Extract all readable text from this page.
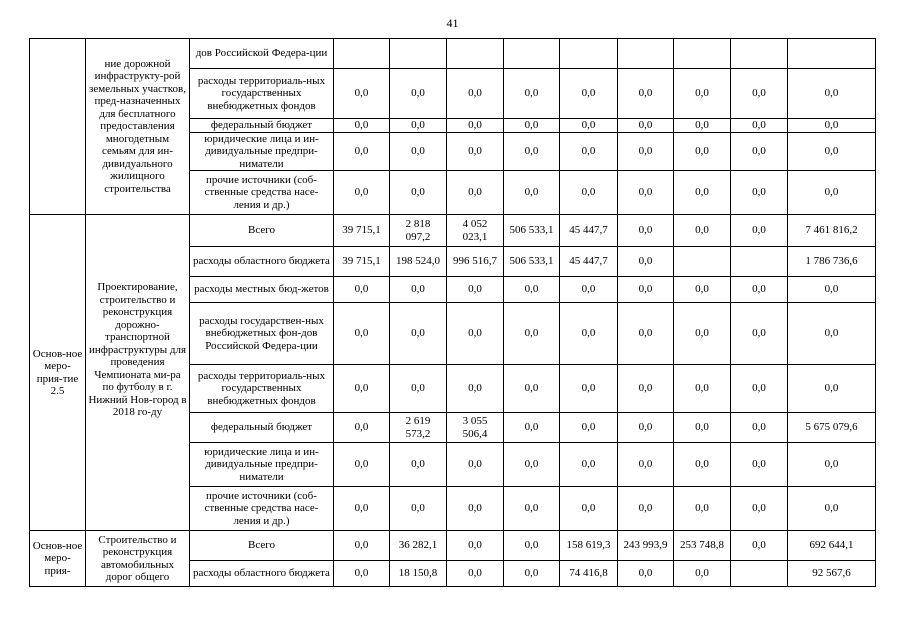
41
	ние дорожной инфраструкту-рой земельных участков, пред-назначенных для бесплатного предоставления многодетным семьям для ин-дивидуального жилищного строительства	дов Российской Федера-ции									
		расходы территориаль-ных государственных внебюджетных фондов	0,0	0,0	0,0	0,0	0,0	0,0	0,0	0,0	0,0
		федеральный бюджет	0,0	0,0	0,0	0,0	0,0	0,0	0,0	0,0	0,0
		юридические лица и ин-дивидуальные предпри-ниматели	0,0	0,0	0,0	0,0	0,0	0,0	0,0	0,0	0,0
		прочие источники (соб-ственные средства насе-ления и др.)	0,0	0,0	0,0	0,0	0,0	0,0	0,0	0,0	0,0
Основ-ное меро-прия-тие 2.5	Проектирование, строительство и реконструкция дорожно-транспортной инфраструктуры для проведения Чемпионата ми-ра по футболу в г. Нижний Нов-город в 2018 го-ду	Всего	39 715,1	2 818 097,2	4 052 023,1	506 533,1	45 447,7	0,0	0,0	0,0	7 461 816,2
		расходы областного бюджета	39 715,1	198 524,0	996 516,7	506 533,1	45 447,7	0,0			1 786 736,6
		расходы местных бюд-жетов	0,0	0,0	0,0	0,0	0,0	0,0	0,0	0,0	0,0
		расходы государствен-ных внебюджетных фон-дов Российской Федера-ции	0,0	0,0	0,0	0,0	0,0	0,0	0,0	0,0	0,0
		расходы территориаль-ных государственных внебюджетных фондов	0,0	0,0	0,0	0,0	0,0	0,0	0,0	0,0	0,0
		федеральный бюджет	0,0	2 619 573,2	3 055 506,4	0,0	0,0	0,0	0,0	0,0	5 675 079,6
		юридические лица и ин-дивидуальные предпри-ниматели	0,0	0,0	0,0	0,0	0,0	0,0	0,0	0,0	0,0
		прочие источники (соб-ственные средства насе-ления и др.)	0,0	0,0	0,0	0,0	0,0	0,0	0,0	0,0	0,0
Основ-ное меро-прия-	Строительство и реконструкция автомобильных дорог общего	Всего	0,0	36 282,1	0,0	0,0	158 619,3	243 993,9	253 748,8	0,0	692 644,1
		расходы областного бюджета	0,0	18 150,8	0,0	0,0	74 416,8	0,0	0,0		92 567,6
